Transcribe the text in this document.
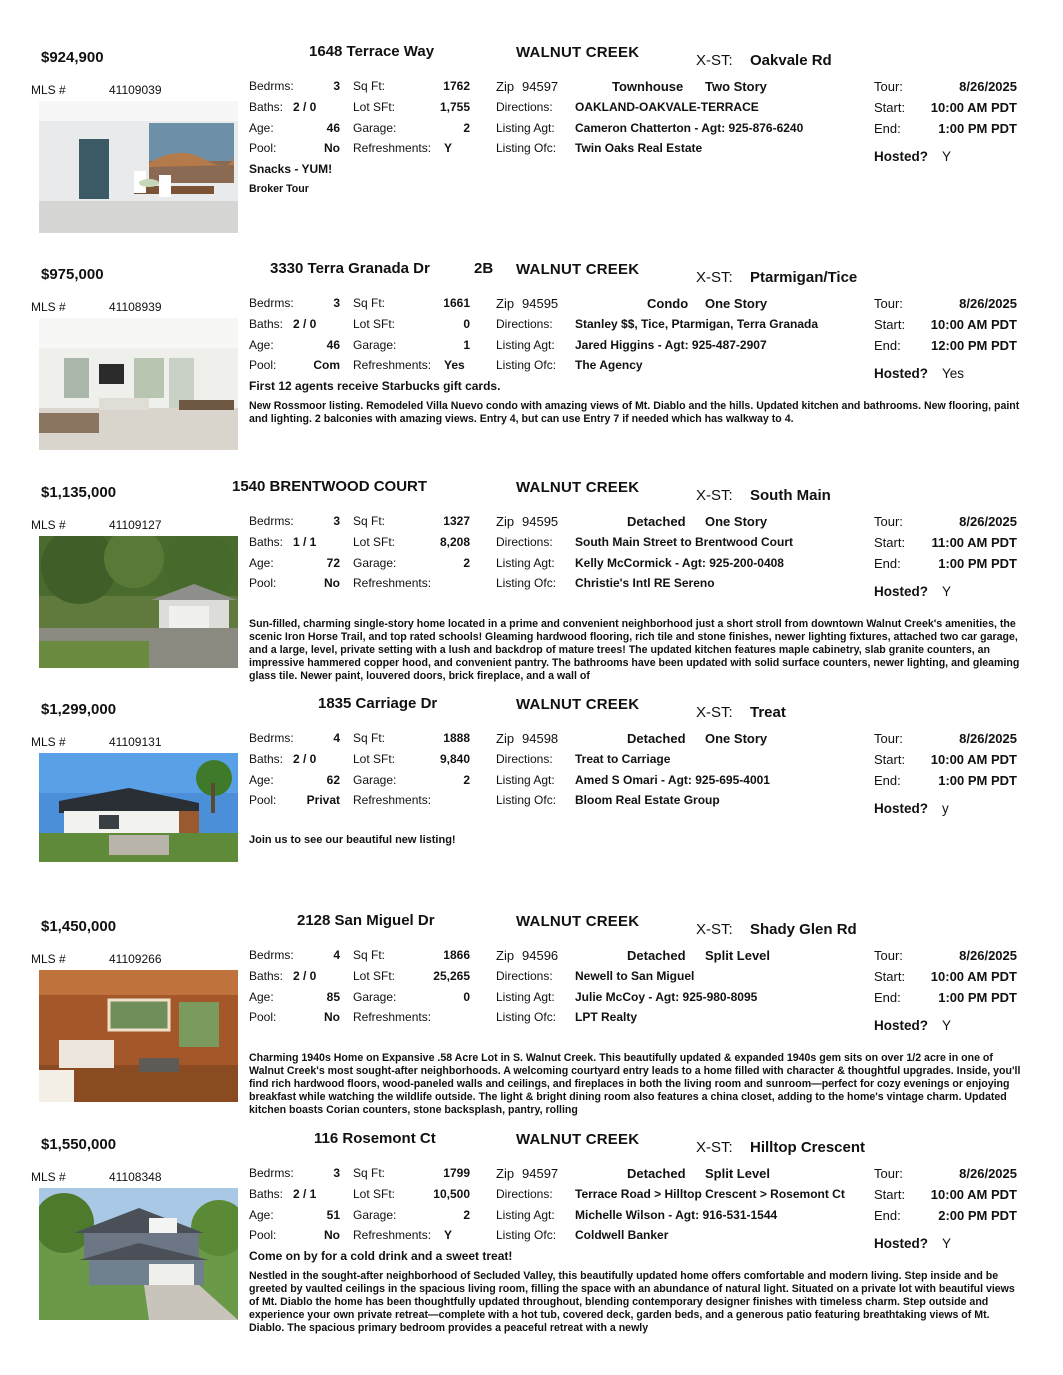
$924,900	1648 Terrace Way	WALNUT CREEK	X-ST: Oakvale Rd
MLS #	41109039	Bedrms:	3
Baths: 2 / 0
Age:	46
Pool:	No
Sq Ft:	1762
Lot SFt:	1,755
Garage:	2
Refreshments: Y
Zip 94597	Townhouse Two Story
Directions: OAKLAND-OAKVALE-TERRACE
Listing Agt: Cameron Chatterton - Agt: 925-876-6240
Listing Ofc: Twin Oaks Real Estate
Tour:	8/26/2025
Start:	10:00 AM PDT
End:	1:00 PM PDT
Hosted? Y
Snacks - YUM!
Broker Tour
$975,000	3330 Terra Granada Dr	2B WALNUT CREEK	X-ST: Ptarmigan/Tice
MLS #	41108939	Bedrms:	3
Baths: 2 / 0
Age:	46
Pool:	Com
Sq Ft:	1661
Lot SFt:	0
Garage:	1
Refreshments: Yes
Zip 94595	Condo One Story
Directions: Stanley $$, Tice, Ptarmigan, Terra Granada
Listing Agt: Jared Higgins - Agt: 925-487-2907
Listing Ofc: The Agency
Tour:	8/26/2025
Start:	10:00 AM PDT
End:	12:00 PM PDT
Hosted? Yes
First 12 agents receive Starbucks gift cards.
New Rossmoor listing. Remodeled Villa Nuevo condo with amazing views of Mt. Diablo and the hills. Updated kitchen and bathrooms. New flooring, paint and lighting. 2 balconies with amazing views. Entry 4, but can use Entry 7 if needed which has walkway to 4.
$1,135,000	1540 BRENTWOOD COURT	WALNUT CREEK	X-ST: South Main
MLS #	41109127	Bedrms:	3
Baths: 1 / 1
Age:	72
Pool:	No
Sq Ft:	1327
Lot SFt:	8,208
Garage:	2
Refreshments:
Zip 94595	Detached One Story
Directions: South Main Street to Brentwood Court
Listing Agt: Kelly McCormick - Agt: 925-200-0408
Listing Ofc: Christie's Intl RE Sereno
Tour:	8/26/2025
Start:	11:00 AM PDT
End:	1:00 PM PDT
Hosted? Y
Sun-filled, charming single-story home located in a prime and convenient neighborhood just a short stroll from downtown Walnut Creek's amenities, the scenic Iron Horse Trail, and top rated schools! Gleaming hardwood flooring, rich tile and stone finishes, newer lighting fixtures, attached two car garage, and a large, level, private setting with a lush and backdrop of mature trees! The updated kitchen features maple cabinetry, slab granite counters, an impressive hammered copper hood, and convenient pantry. The bathrooms have been updated with solid surface counters, newer lighting, and gleaming glass tile. Newer paint, louvered doors, brick fireplace, and a wall of
$1,299,000	1835 Carriage Dr	WALNUT CREEK	X-ST: Treat
MLS #	41109131	Bedrms:	4
Baths: 2 / 0
Age:	62
Pool:	Privat
Sq Ft:	1888
Lot SFt:	9,840
Garage:	2
Refreshments:
Zip 94598	Detached One Story
Directions: Treat to Carriage
Listing Agt: Amed S Omari - Agt: 925-695-4001
Listing Ofc: Bloom Real Estate Group
Tour:	8/26/2025
Start:	10:00 AM PDT
End:	1:00 PM PDT
Hosted? y
Join us to see our beautiful new listing!
$1,450,000	2128 San Miguel Dr	WALNUT CREEK	X-ST: Shady Glen Rd
MLS #	41109266	Bedrms:	4
Baths: 2 / 0
Age:	85
Pool:	No
Sq Ft:	1866
Lot SFt:	25,265
Garage:	0
Refreshments:
Zip 94596	Detached Split Level
Directions: Newell to San Miguel
Listing Agt: Julie McCoy - Agt: 925-980-8095
Listing Ofc: LPT Realty
Tour:	8/26/2025
Start:	10:00 AM PDT
End:	1:00 PM PDT
Hosted? Y
Charming 1940s Home on Expansive .58 Acre Lot in S. Walnut Creek. This beautifully updated & expanded 1940s gem sits on over 1/2 acre in one of Walnut Creek's most sought-after neighborhoods. A welcoming courtyard entry leads to a home filled with character & thoughtful upgrades. Inside, you'll find rich hardwood floors, wood-paneled walls and ceilings, and fireplaces in both the living room and sunroom—perfect for cozy evenings or enjoying breakfast while watching the wildlife outside. The light & bright dining room also features a china closet, adding to the home's vintage charm. Updated kitchen boasts Corian counters, stone backsplash, pantry, rolling
$1,550,000	116 Rosemont Ct	WALNUT CREEK	X-ST: Hilltop Crescent
MLS #	41108348	Bedrms:	3
Baths: 2 / 1
Age:	51
Pool:	No
Sq Ft:	1799
Lot SFt:	10,500
Garage:	2
Refreshments: Y
Zip 94597	Detached Split Level
Directions: Terrace Road > Hilltop Crescent > Rosemont Ct
Listing Agt: Michelle Wilson - Agt: 916-531-1544
Listing Ofc: Coldwell Banker
Tour:	8/26/2025
Start:	10:00 AM PDT
End:	2:00 PM PDT
Hosted? Y
Come on by for a cold drink and a sweet treat!
Nestled in the sought-after neighborhood of Secluded Valley, this beautifully updated home offers comfortable and modern living. Step inside and be greeted by vaulted ceilings in the spacious living room, filling the space with an abundance of natural light. Situated on a private lot with beautiful views of Mt. Diablo the home has been thoughtfully updated throughout, blending contemporary designer finishes with timeless charm. Step outside and experience your own private retreat—complete with a hot tub, covered deck, garden beds, and a generous patio featuring breathtaking views of Mt. Diablo. The spacious primary bedroom provides a peaceful retreat with a newly
